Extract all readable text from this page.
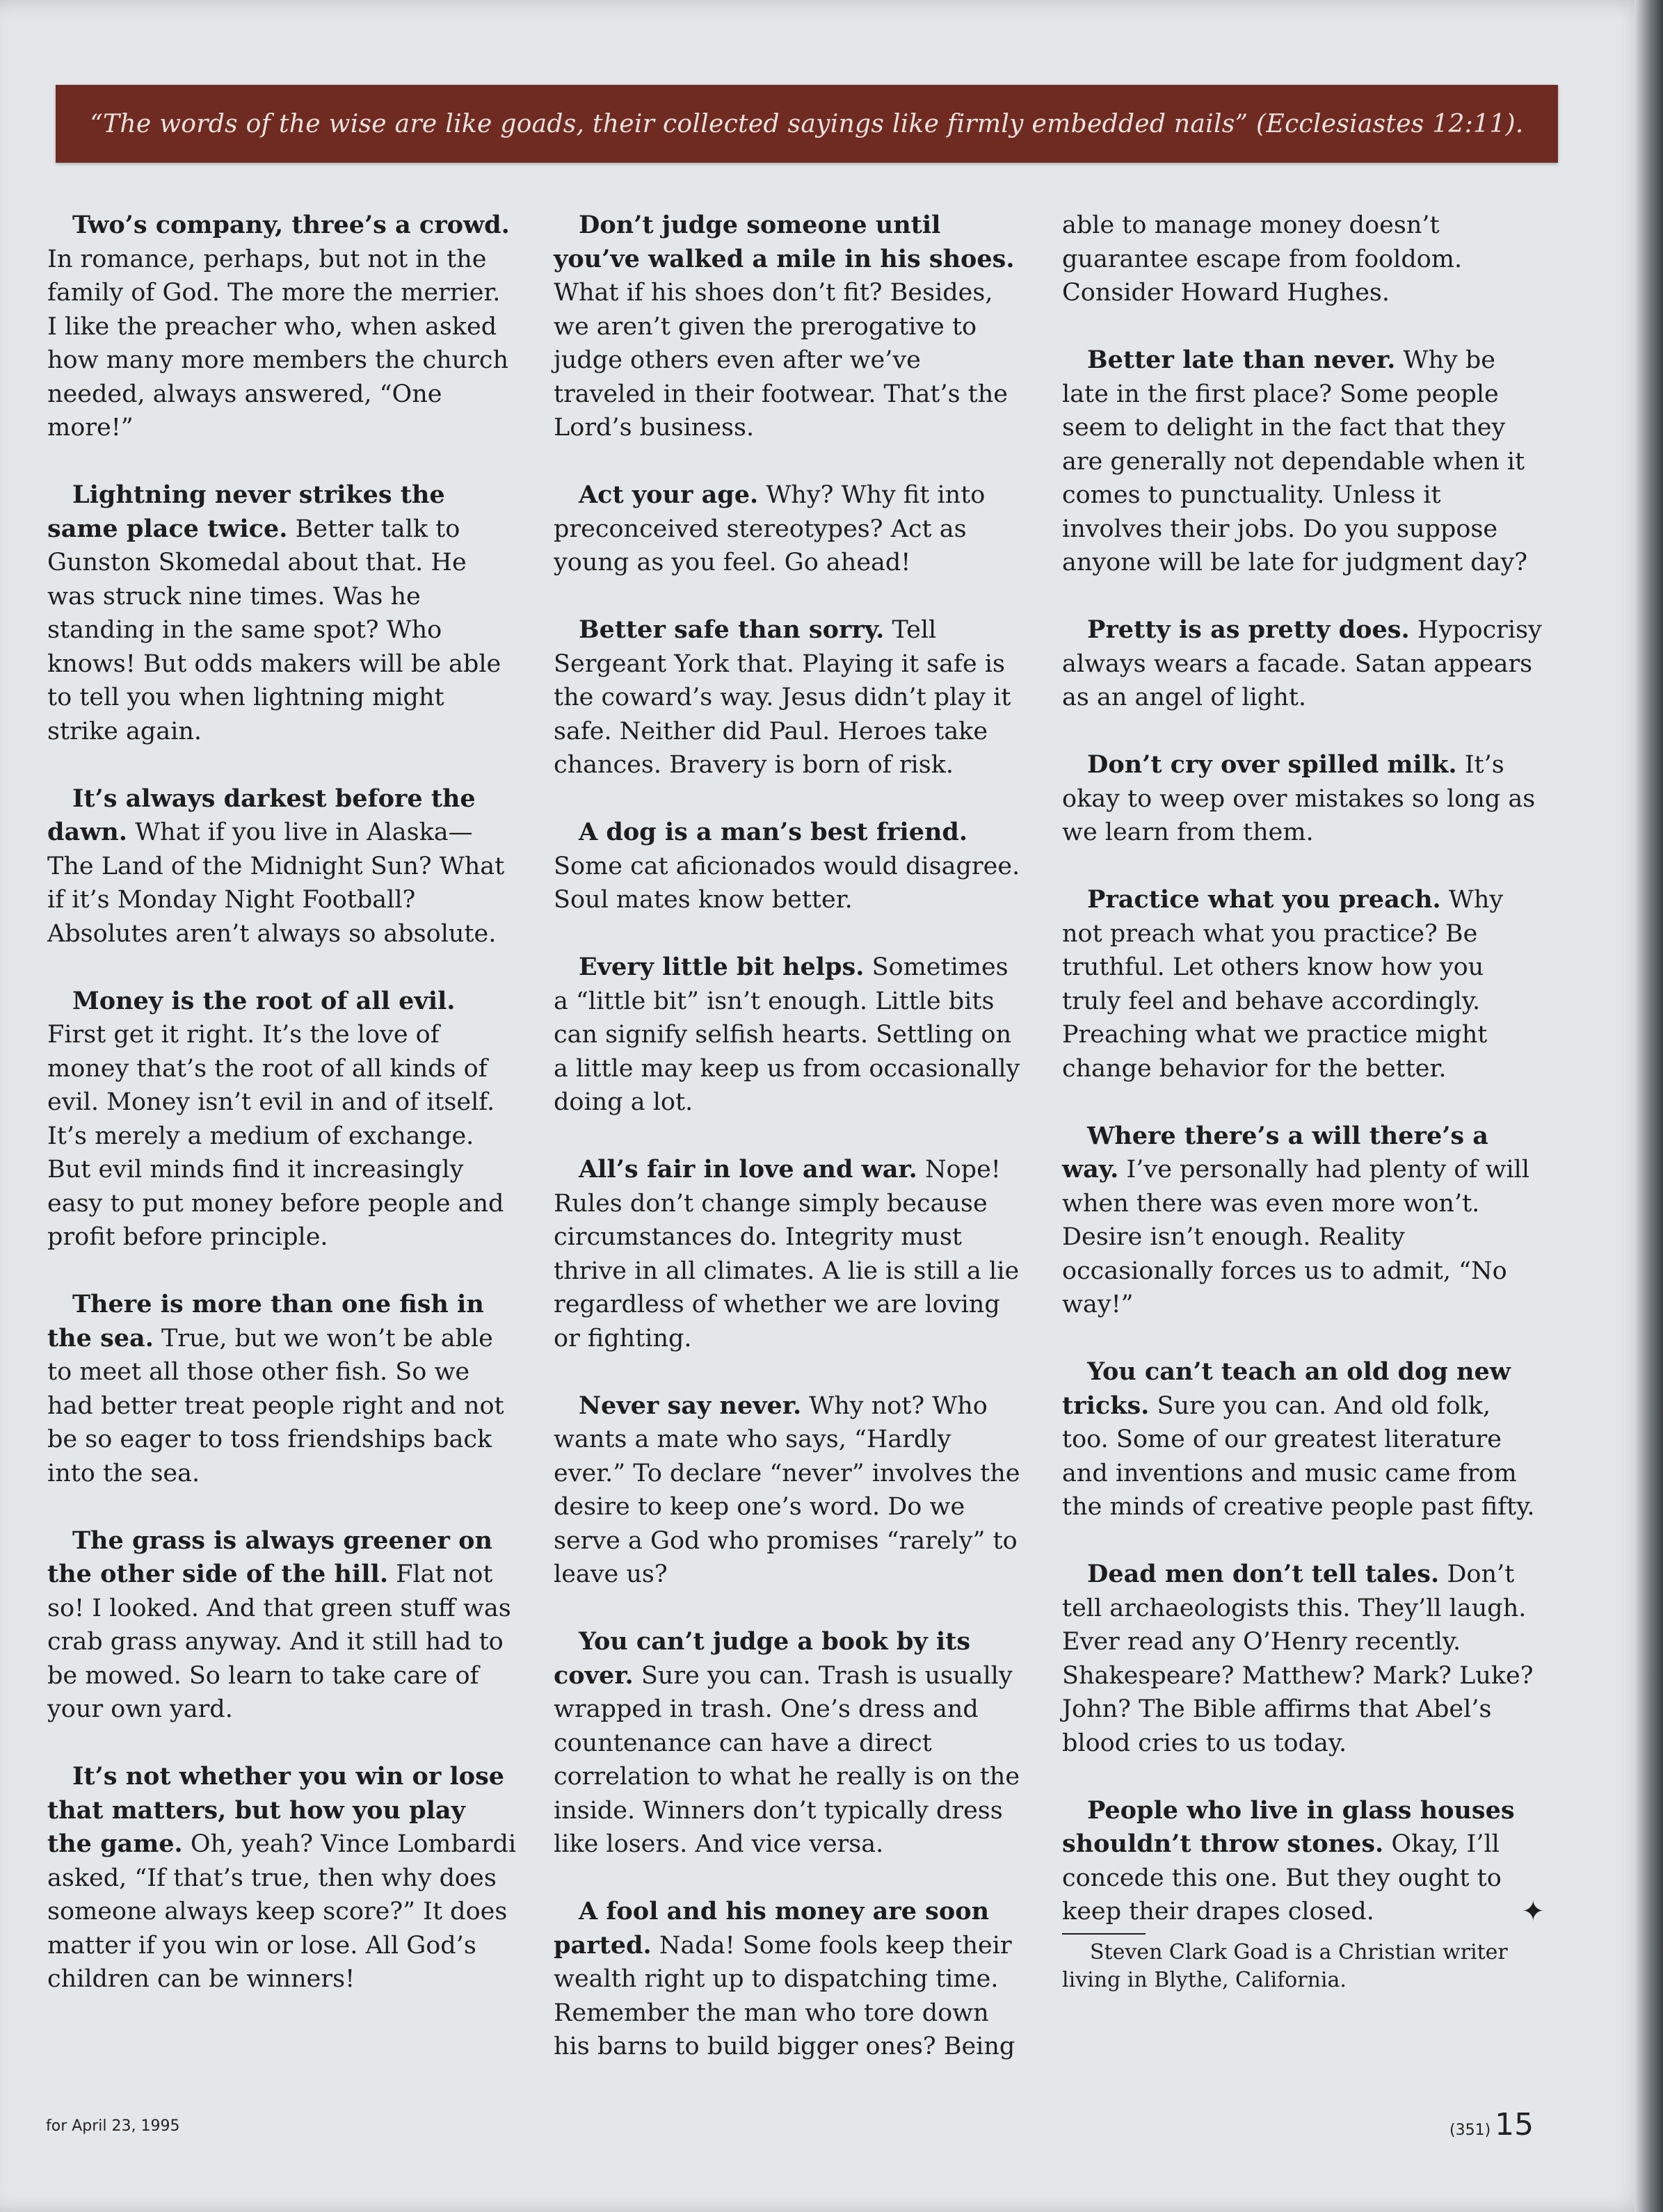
“The words of the wise are like goads, their collected sayings like firmly embedded nails” (Ecclesiastes 12:11).

Two’s company, three’s a crowd. In romance, perhaps, but not in the family of God. The more the merrier. I like the preacher who, when asked how many more members the church needed, always answered, “One more!”

Lightning never strikes the same place twice. Better talk to Gunston Skomedal about that. He was struck nine times. Was he standing in the same spot? Who knows! But odds makers will be able to tell you when lightning might strike again.

It’s always darkest before the dawn. What if you live in Alaska—The Land of the Midnight Sun? What if it’s Monday Night Football? Absolutes aren’t always so absolute.

Money is the root of all evil. First get it right. It’s the love of money that’s the root of all kinds of evil. Money isn’t evil in and of itself. It’s merely a medium of exchange. But evil minds find it increasingly easy to put money before people and profit before principle.

There is more than one fish in the sea. True, but we won’t be able to meet all those other fish. So we had better treat people right and not be so eager to toss friendships back into the sea.

The grass is always greener on the other side of the hill. Flat not so! I looked. And that green stuff was crab grass anyway. And it still had to be mowed. So learn to take care of your own yard.

It’s not whether you win or lose that matters, but how you play the game. Oh, yeah? Vince Lombardi asked, “If that’s true, then why does someone always keep score?” It does matter if you win or lose. All God’s children can be winners!

Don’t judge someone until you’ve walked a mile in his shoes. What if his shoes don’t fit? Besides, we aren’t given the prerogative to judge others even after we’ve traveled in their footwear. That’s the Lord’s business.

Act your age. Why? Why fit into preconceived stereotypes? Act as young as you feel. Go ahead!

Better safe than sorry. Tell Sergeant York that. Playing it safe is the coward’s way. Jesus didn’t play it safe. Neither did Paul. Heroes take chances. Bravery is born of risk.

A dog is a man’s best friend. Some cat aficionados would disagree. Soul mates know better.

Every little bit helps. Sometimes a “little bit” isn’t enough. Little bits can signify selfish hearts. Settling on a little may keep us from occasionally doing a lot.

All’s fair in love and war. Nope! Rules don’t change simply because circumstances do. Integrity must thrive in all climates. A lie is still a lie regardless of whether we are loving or fighting.

Never say never. Why not? Who wants a mate who says, “Hardly ever.” To declare “never” involves the desire to keep one’s word. Do we serve a God who promises “rarely” to leave us?

You can’t judge a book by its cover. Sure you can. Trash is usually wrapped in trash. One’s dress and countenance can have a direct correlation to what he really is on the inside. Winners don’t typically dress like losers. And vice versa.

A fool and his money are soon parted. Nada! Some fools keep their wealth right up to dispatching time. Remember the man who tore down his barns to build bigger ones? Being

able to manage money doesn’t guarantee escape from fooldom. Consider Howard Hughes.

Better late than never. Why be late in the first place? Some people seem to delight in the fact that they are generally not dependable when it comes to punctuality. Unless it involves their jobs. Do you suppose anyone will be late for judgment day?

Pretty is as pretty does. Hypocrisy always wears a facade. Satan appears as an angel of light.

Don’t cry over spilled milk. It’s okay to weep over mistakes so long as we learn from them.

Practice what you preach. Why not preach what you practice? Be truthful. Let others know how you truly feel and behave accordingly. Preaching what we practice might change behavior for the better.

Where there’s a will there’s a way. I’ve personally had plenty of will when there was even more won’t. Desire isn’t enough. Reality occasionally forces us to admit, “No way!”

You can’t teach an old dog new tricks. Sure you can. And old folk, too. Some of our greatest literature and inventions and music came from the minds of creative people past fifty.

Dead men don’t tell tales. Don’t tell archaeologists this. They’ll laugh. Ever read any O’Henry recently. Shakespeare? Matthew? Mark? Luke? John? The Bible affirms that Abel’s blood cries to us today.

People who live in glass houses shouldn’t throw stones. Okay, I’ll concede this one. But they ought to keep their drapes closed.	✦

Steven Clark Goad is a Christian writer living in Blythe, California.
for April 23, 1995	(351) 15
